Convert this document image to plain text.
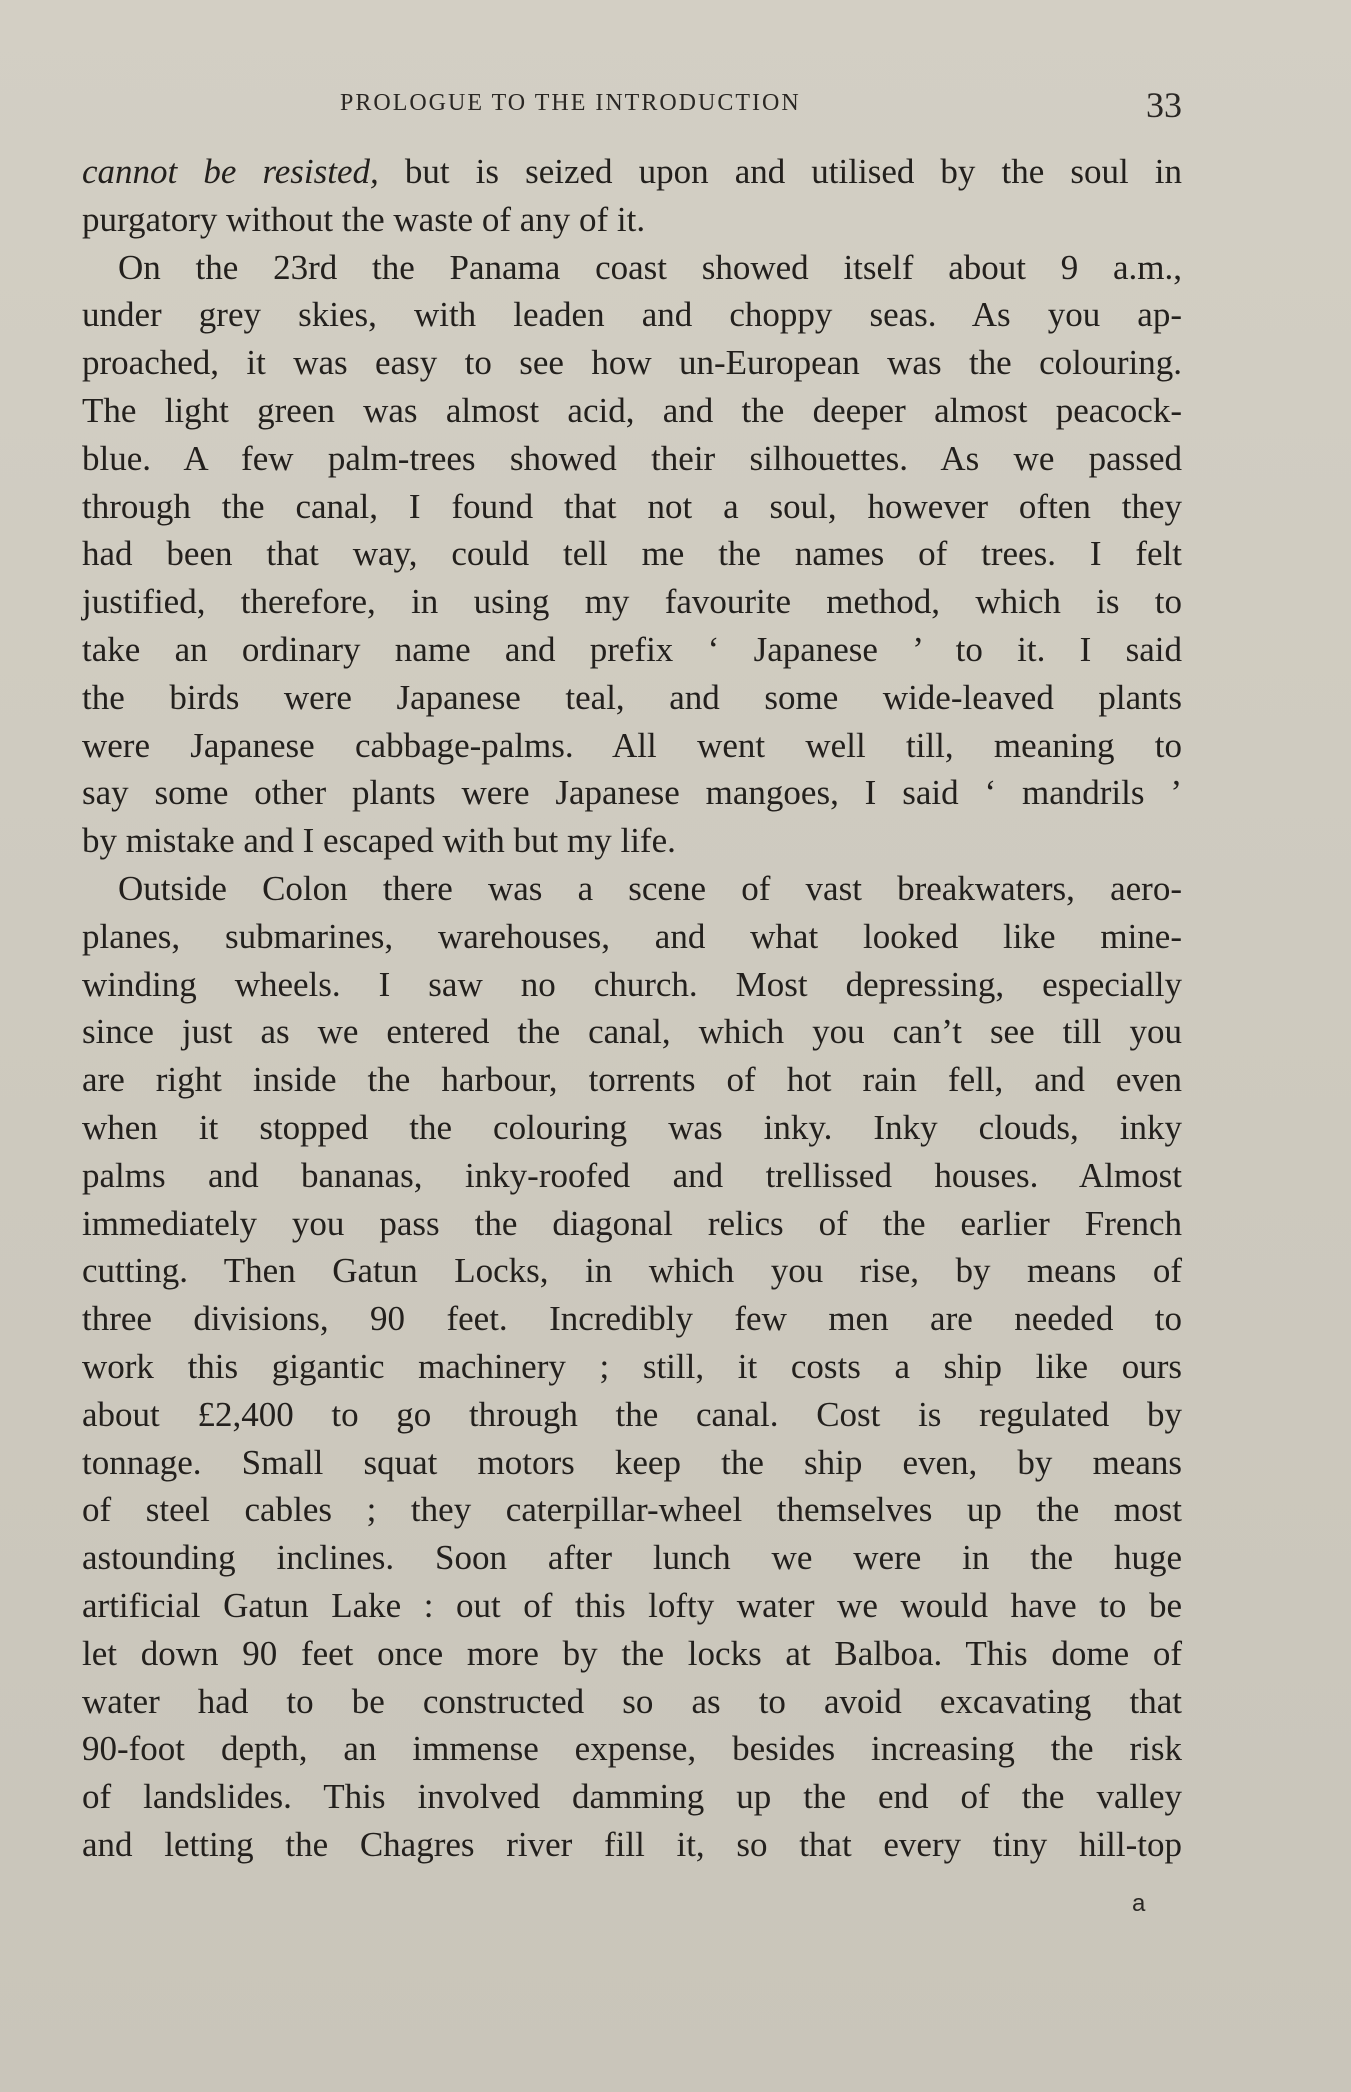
PROLOGUE TO THE INTRODUCTION	33
cannot be resisted, but is seized upon and utilised by the soul in
purgatory without the waste of any of it.
On the 23rd the Panama coast showed itself about 9 a.m.,
under grey skies, with leaden and choppy seas. As you ap-
proached, it was easy to see how un-European was the colouring.
The light green was almost acid, and the deeper almost peacock-
blue. A few palm-trees showed their silhouettes. As we passed
through the canal, I found that not a soul, however often they
had been that way, could tell me the names of trees. I felt
justified, therefore, in using my favourite method, which is to
take an ordinary name and prefix ‘ Japanese ’ to it. I said
the birds were Japanese teal, and some wide-leaved plants
were Japanese cabbage-palms. All went well till, meaning to
say some other plants were Japanese mangoes, I said ‘ mandrils ’
by mistake and I escaped with but my life.
Outside Colon there was a scene of vast breakwaters, aero-
planes, submarines, warehouses, and what looked like mine-
winding wheels. I saw no church. Most depressing, especially
since just as we entered the canal, which you can’t see till you
are right inside the harbour, torrents of hot rain fell, and even
when it stopped the colouring was inky. Inky clouds, inky
palms and bananas, inky-roofed and trellissed houses. Almost
immediately you pass the diagonal relics of the earlier French
cutting. Then Gatun Locks, in which you rise, by means of
three divisions, 90 feet. Incredibly few men are needed to
work this gigantic machinery ; still, it costs a ship like ours
about £2,400 to go through the canal. Cost is regulated by
tonnage. Small squat motors keep the ship even, by means
of steel cables ; they caterpillar-wheel themselves up the most
astounding inclines. Soon after lunch we were in the huge
artificial Gatun Lake : out of this lofty water we would have to be
let down 90 feet once more by the locks at Balboa. This dome of
water had to be constructed so as to avoid excavating that
90-foot depth, an immense expense, besides increasing the risk
of landslides. This involved damming up the end of the valley
and letting the Chagres river fill it, so that every tiny hill-top
a
